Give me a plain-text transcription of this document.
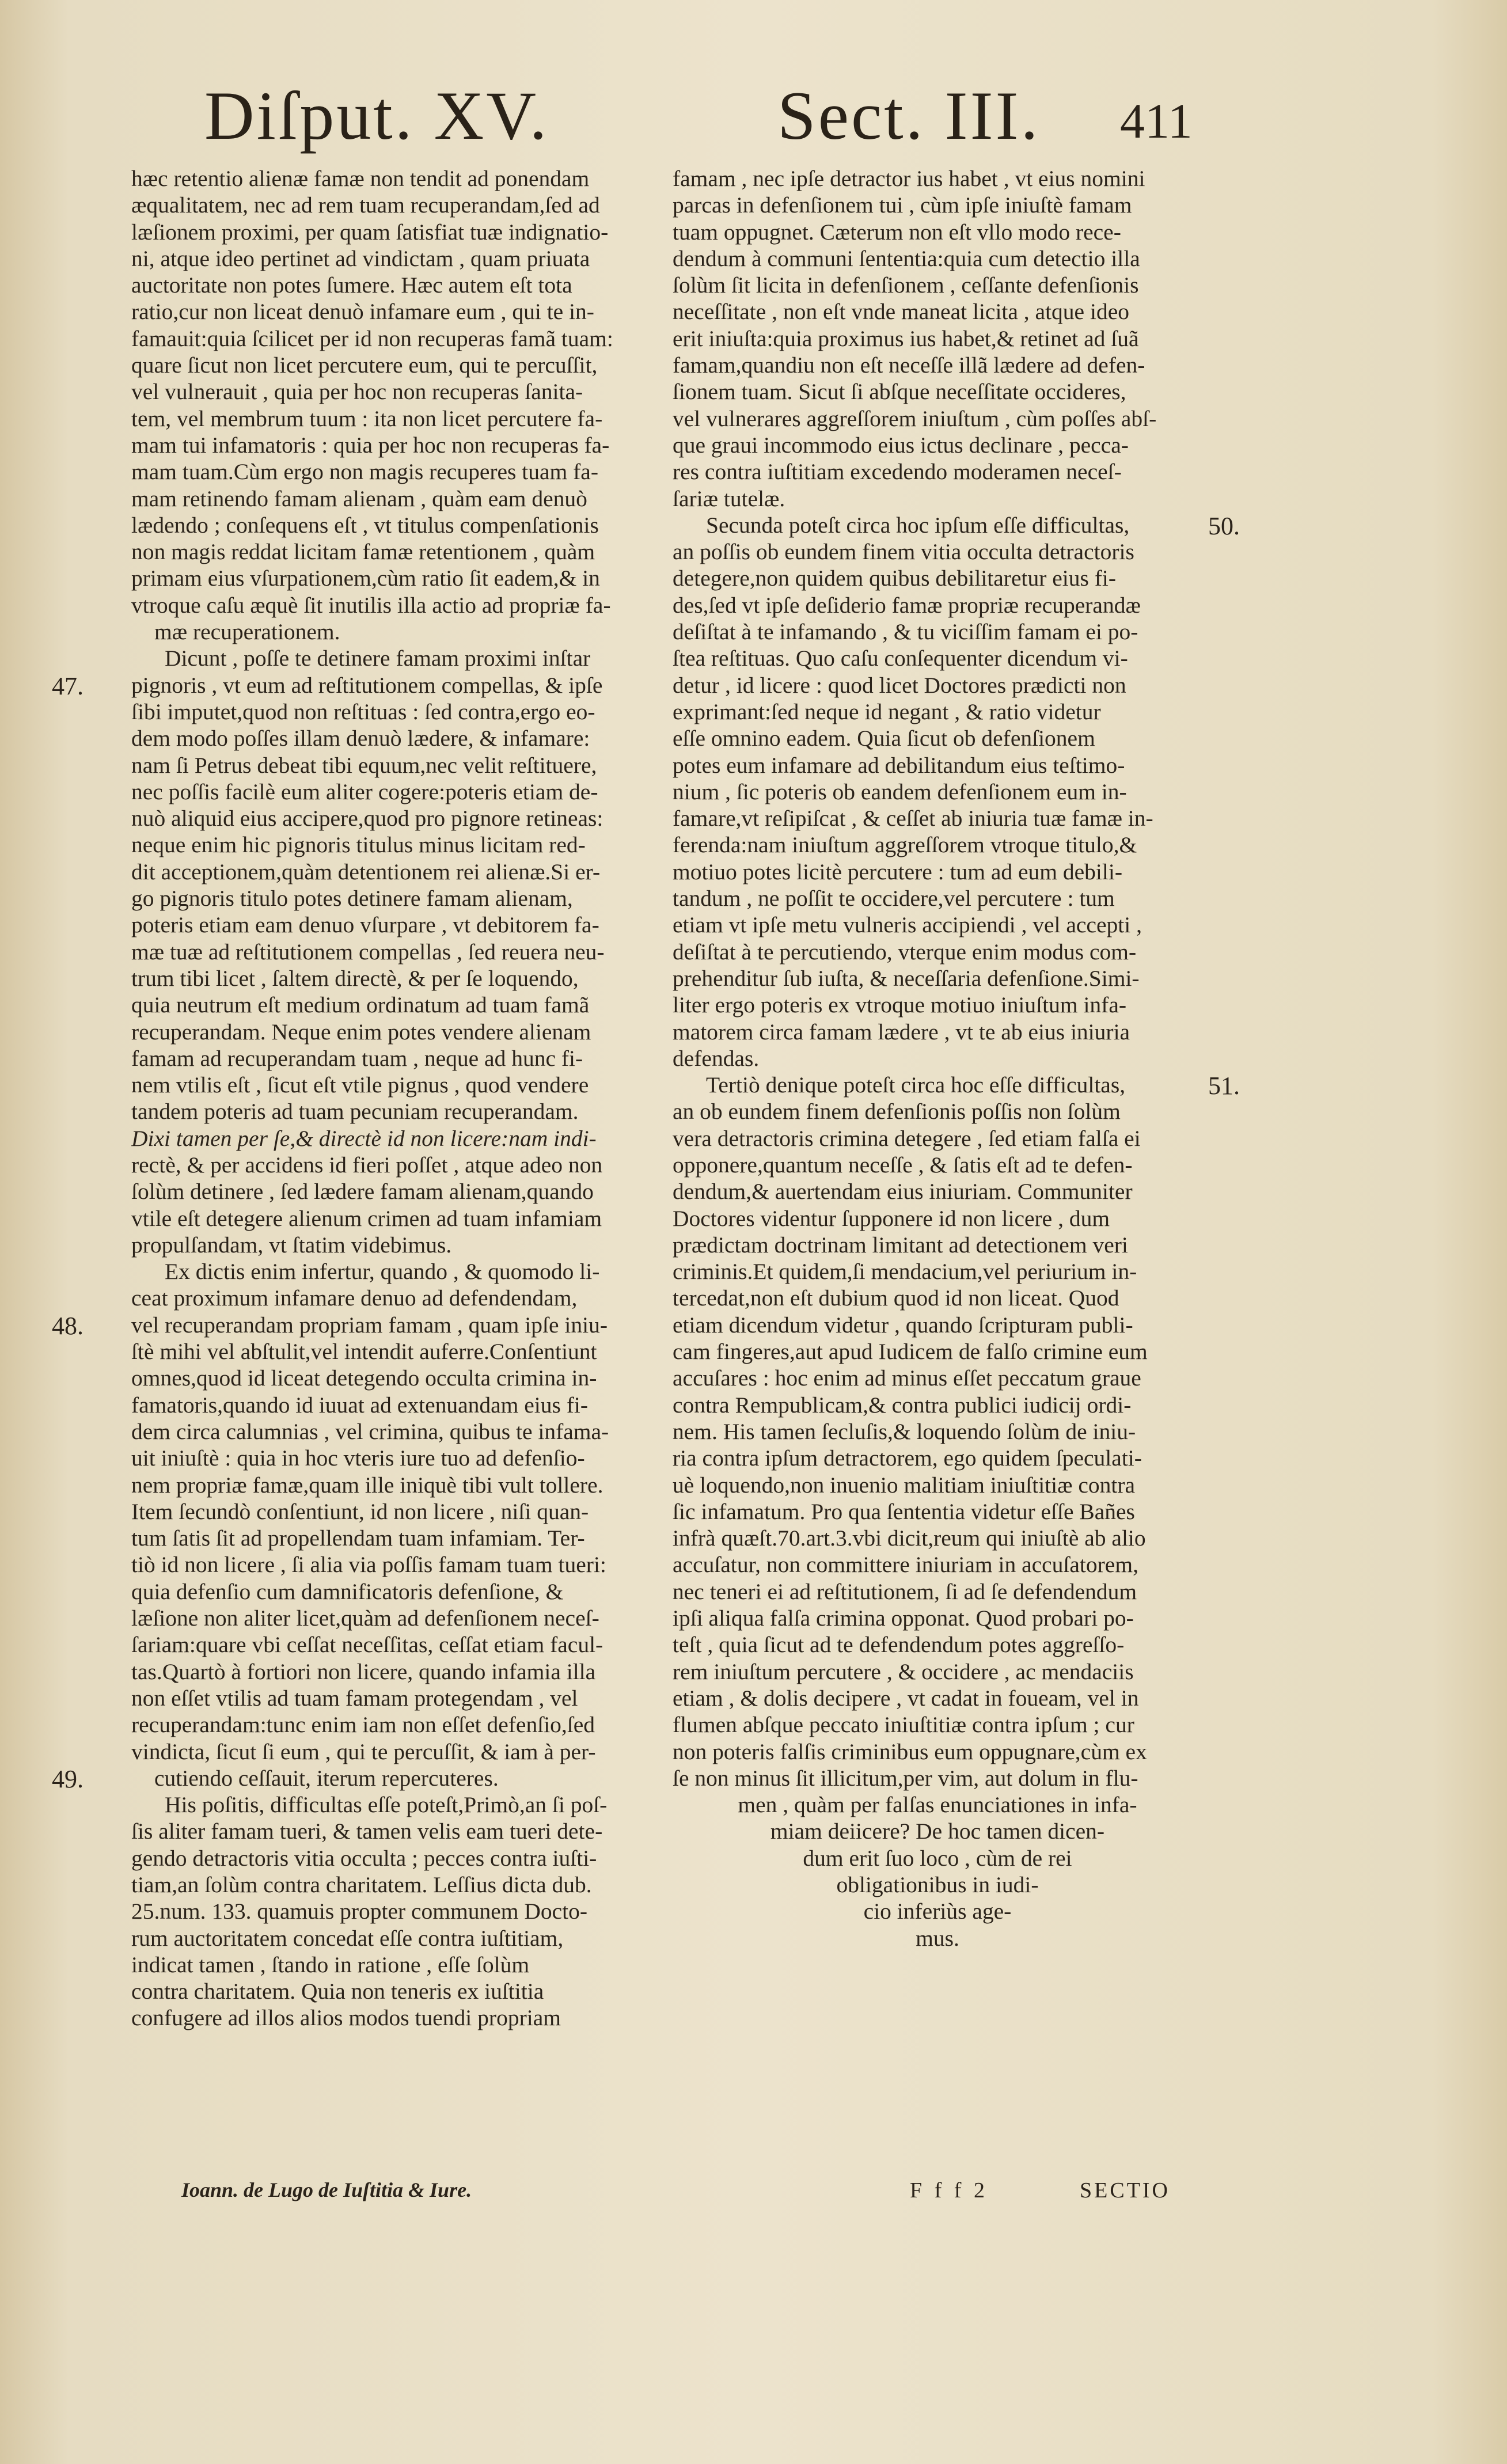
Diſput. XV.	Sect. III. 411
hæc retentio alienæ famæ non tendit ad ponendam
æqualitatem, nec ad rem tuam recuperandam,ſed ad
læſionem proximi, per quam ſatisfiat tuæ indignatio-
ni, atque ideo pertinet ad vindictam , quam priuata
auctoritate non potes ſumere. Hæc autem eſt tota
ratio,cur non liceat denuò infamare eum , qui te in-
famauit:quia ſcilicet per id non recuperas famã tuam:
quare ſicut non licet percutere eum, qui te percuſſit,
vel vulnerauit , quia per hoc non recuperas ſanita-
tem, vel membrum tuum : ita non licet percutere fa-
mam tui infamatoris : quia per hoc non recuperas fa-
mam tuam.Cùm ergo non magis recuperes tuam fa-
mam retinendo famam alienam , quàm eam denuò
lædendo ; conſequens eſt , vt titulus compenſationis
non magis reddat licitam famæ retentionem , quàm
primam eius vſurpationem,cùm ratio ſit eadem,& in
vtroque caſu æquè ſit inutilis illa actio ad propriæ fa-
mæ recuperationem.
Dicunt , poſſe te detinere famam proximi inſtar
pignoris , vt eum ad reſtitutionem compellas, & ipſe
ſibi imputet,quod non reſtituas : ſed contra,ergo eo-
dem modo poſſes illam denuò lædere, & infamare:
nam ſi Petrus debeat tibi equum,nec velit reſtituere,
nec poſſis facilè eum aliter cogere:poteris etiam de-
nuò aliquid eius accipere,quod pro pignore retineas:
neque enim hic pignoris titulus minus licitam red-
dit acceptionem,quàm detentionem rei alienæ.Si er-
go pignoris titulo potes detinere famam alienam,
poteris etiam eam denuo vſurpare , vt debitorem fa-
mæ tuæ ad reſtitutionem compellas , ſed reuera neu-
trum tibi licet , ſaltem directè, & per ſe loquendo,
quia neutrum eſt medium ordinatum ad tuam famã
recuperandam. Neque enim potes vendere alienam
famam ad recuperandam tuam , neque ad hunc fi-
nem vtilis eſt , ſicut eſt vtile pignus , quod vendere
tandem poteris ad tuam pecuniam recuperandam.
Dixi tamen per ſe,& directè id non licere:nam indi-
rectè, & per accidens id fieri poſſet , atque adeo non
ſolùm detinere , ſed lædere famam alienam,quando
vtile eſt detegere alienum crimen ad tuam infamiam
propulſandam, vt ſtatim videbimus.
Ex dictis enim infertur, quando , & quomodo li-
ceat proximum infamare denuo ad defendendam,
vel recuperandam propriam famam , quam ipſe iniu-
ſtè mihi vel abſtulit,vel intendit auferre.Conſentiunt
omnes,quod id liceat detegendo occulta crimina in-
famatoris,quando id iuuat ad extenuandam eius fi-
dem circa calumnias , vel crimina, quibus te infama-
uit iniuſtè : quia in hoc vteris iure tuo ad defenſio-
nem propriæ famæ,quam ille iniquè tibi vult tollere.
Item ſecundò conſentiunt, id non licere , niſi quan-
tum ſatis ſit ad propellendam tuam infamiam. Ter-
tiò id non licere , ſi alia via poſſis famam tuam tueri:
quia defenſio cum damnificatoris defenſione, &
læſione non aliter licet,quàm ad defenſionem neceſ-
ſariam:quare vbi ceſſat neceſſitas, ceſſat etiam facul-
tas.Quartò à fortiori non licere, quando infamia illa
non eſſet vtilis ad tuam famam protegendam , vel
recuperandam:tunc enim iam non eſſet defenſio,ſed
vindicta, ſicut ſi eum , qui te percuſſit, & iam à per-
cutiendo ceſſauit, iterum repercuteres.
His poſitis, difficultas eſſe poteſt,Primò,an ſi poſ-
ſis aliter famam tueri, & tamen velis eam tueri dete-
gendo detractoris vitia occulta ; pecces contra iuſti-
tiam,an ſolùm contra charitatem. Leſſius dicta dub.
25.num. 133. quamuis propter communem Docto-
rum auctoritatem concedat eſſe contra iuſtitiam,
indicat tamen , ſtando in ratione , eſſe ſolùm
contra charitatem. Quia non teneris ex iuſtitia
confugere ad illos alios modos tuendi propriam
famam , nec ipſe detractor ius habet , vt eius nomini
parcas in defenſionem tui , cùm ipſe iniuſtè famam
tuam oppugnet. Cæterum non eſt vllo modo rece-
dendum à communi ſententia:quia cum detectio illa
ſolùm ſit licita in defenſionem , ceſſante defenſionis
neceſſitate , non eſt vnde maneat licita , atque ideo
erit iniuſta:quia proximus ius habet,& retinet ad ſuã
famam,quandiu non eſt neceſſe illã lædere ad defen-
ſionem tuam. Sicut ſi abſque neceſſitate occideres,
vel vulnerares aggreſſorem iniuſtum , cùm poſſes abſ-
que graui incommodo eius ictus declinare , pecca-
res contra iuſtitiam excedendo moderamen neceſ-
ſariæ tutelæ.
Secunda poteſt circa hoc ipſum eſſe difficultas,
an poſſis ob eundem finem vitia occulta detractoris
detegere,non quidem quibus debilitaretur eius fi-
des,ſed vt ipſe deſiderio famæ propriæ recuperandæ
deſiſtat à te infamando , & tu viciſſim famam ei po-
ſtea reſtituas. Quo caſu conſequenter dicendum vi-
detur , id licere : quod licet Doctores prædicti non
exprimant:ſed neque id negant , & ratio videtur
eſſe omnino eadem. Quia ſicut ob defenſionem
potes eum infamare ad debilitandum eius teſtimo-
nium , ſic poteris ob eandem defenſionem eum in-
famare,vt reſipiſcat , & ceſſet ab iniuria tuæ famæ in-
ferenda:nam iniuſtum aggreſſorem vtroque titulo,&
motiuo potes licitè percutere : tum ad eum debili-
tandum , ne poſſit te occidere,vel percutere : tum
etiam vt ipſe metu vulneris accipiendi , vel accepti ,
deſiſtat à te percutiendo, vterque enim modus com-
prehenditur ſub iuſta, & neceſſaria defenſione.Simi-
liter ergo poteris ex vtroque motiuo iniuſtum infa-
matorem circa famam lædere , vt te ab eius iniuria
defendas.
Tertiò denique poteſt circa hoc eſſe difficultas,
an ob eundem finem defenſionis poſſis non ſolùm
vera detractoris crimina detegere , ſed etiam falſa ei
opponere,quantum neceſſe , & ſatis eſt ad te defen-
dendum,& auertendam eius iniuriam. Communiter
Doctores videntur ſupponere id non licere , dum
prædictam doctrinam limitant ad detectionem veri
criminis.Et quidem,ſi mendacium,vel periurium in-
tercedat,non eſt dubium quod id non liceat. Quod
etiam dicendum videtur , quando ſcripturam publi-
cam fingeres,aut apud Iudicem de falſo crimine eum
accuſares : hoc enim ad minus eſſet peccatum graue
contra Rempublicam,& contra publici iudicij ordi-
nem. His tamen ſecluſis,& loquendo ſolùm de iniu-
ria contra ipſum detractorem, ego quidem ſpeculati-
uè loquendo,non inuenio malitiam iniuſtitiæ contra
ſic infamatum. Pro qua ſententia videtur eſſe Bañes
infrà quæſt.70.art.3.vbi dicit,reum qui iniuſtè ab alio
accuſatur, non committere iniuriam in accuſatorem,
nec teneri ei ad reſtitutionem, ſi ad ſe defendendum
ipſi aliqua falſa crimina opponat. Quod probari po-
teſt , quia ſicut ad te defendendum potes aggreſſo-
rem iniuſtum percutere , & occidere , ac mendaciis
etiam , & dolis decipere , vt cadat in foueam, vel in
flumen abſque peccato iniuſtitiæ contra ipſum ; cur
non poteris falſis criminibus eum oppugnare,cùm ex
ſe non minus ſit illicitum,per vim, aut dolum in flu-
men , quàm per falſas enunciationes in infa-
miam deiicere? De hoc tamen dicen-
dum erit ſuo loco , cùm de rei
obligationibus in iudi-
cio inferiùs age-
mus.
47.
48.
49.
50.
51.
Ioann. de Lugo de Iuſtitia & Iure.	F f f 2	SECTIO
